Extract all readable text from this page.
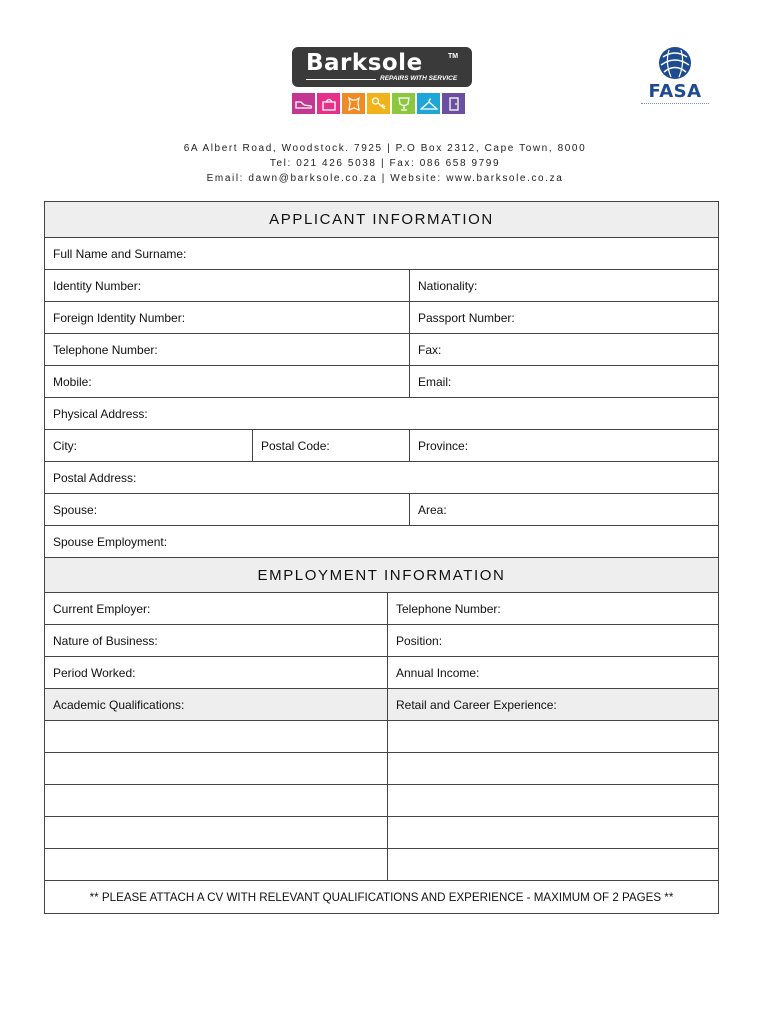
Barksole	TM
REPAIRS WITH SERVICE
FASA
6A Albert Road, Woodstock. 7925 | P.O Box 2312, Cape Town, 8000
Tel: 021 426 5038 | Fax: 086 658 9799
Email: dawn@barksole.co.za | Website: www.barksole.co.za
APPLICANT INFORMATION
Full Name and Surname:
Identity Number:	Nationality:
Foreign Identity Number:	Passport Number:
Telephone Number:	Fax:
Mobile:	Email:
Physical Address:
City:	Postal Code:	Province:
Postal Address:
Spouse:	Area:
Spouse Employment:
EMPLOYMENT INFORMATION
Current Employer:	Telephone Number:
Nature of Business:	Position:
Period Worked:	Annual Income:
Academic Qualifications:	Retail and Career Experience:
** PLEASE ATTACH A CV WITH RELEVANT QUALIFICATIONS AND EXPERIENCE - MAXIMUM OF 2 PAGES **
